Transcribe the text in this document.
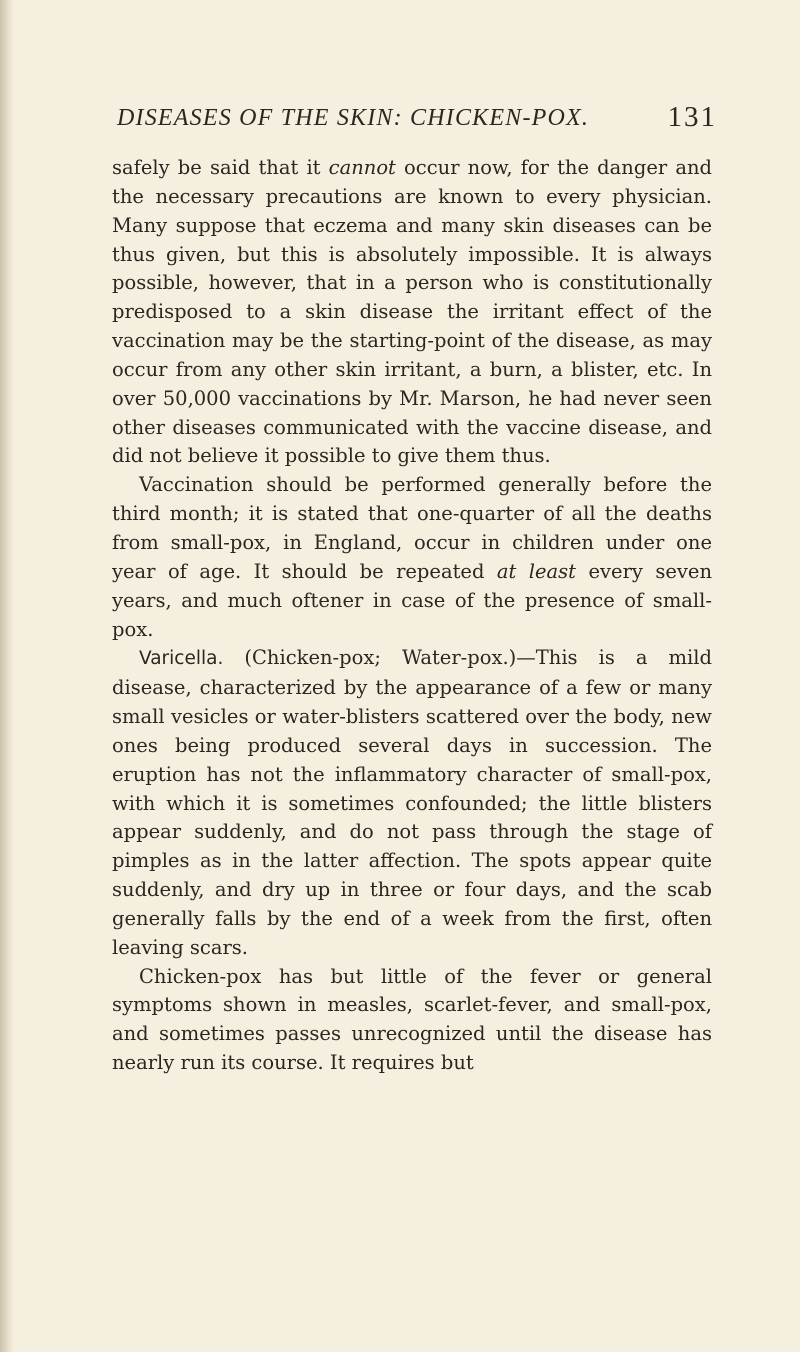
DISEASES OF THE SKIN: CHICKEN-POX.	131

safely be said that it cannot occur now, for the danger and the necessary precautions are known to every physician. Many suppose that eczema and many skin diseases can be thus given, but this is absolutely impossible. It is always possible, however, that in a person who is constitutionally predisposed to a skin disease the irritant effect of the vaccination may be the starting-point of the disease, as may occur from any other skin irritant, a burn, a blister, etc. In over 50,000 vaccinations by Mr. Marson, he had never seen other diseases communicated with the vaccine disease, and did not believe it possible to give them thus.

Vaccination should be performed generally before the third month; it is stated that one-quarter of all the deaths from small-pox, in England, occur in children under one year of age. It should be repeated at least every seven years, and much oftener in case of the presence of small-pox.

Varicella. (Chicken-pox; Water-pox.)—This is a mild disease, characterized by the appearance of a few or many small vesicles or water-blisters scattered over the body, new ones being produced several days in succession. The eruption has not the inflammatory character of small-pox, with which it is sometimes confounded; the little blisters appear suddenly, and do not pass through the stage of pimples as in the latter affection. The spots appear quite suddenly, and dry up in three or four days, and the scab generally falls by the end of a week from the first, often leaving scars.

Chicken-pox has but little of the fever or general symptoms shown in measles, scarlet-fever, and small-pox, and sometimes passes unrecognized until the disease has nearly run its course. It requires but
